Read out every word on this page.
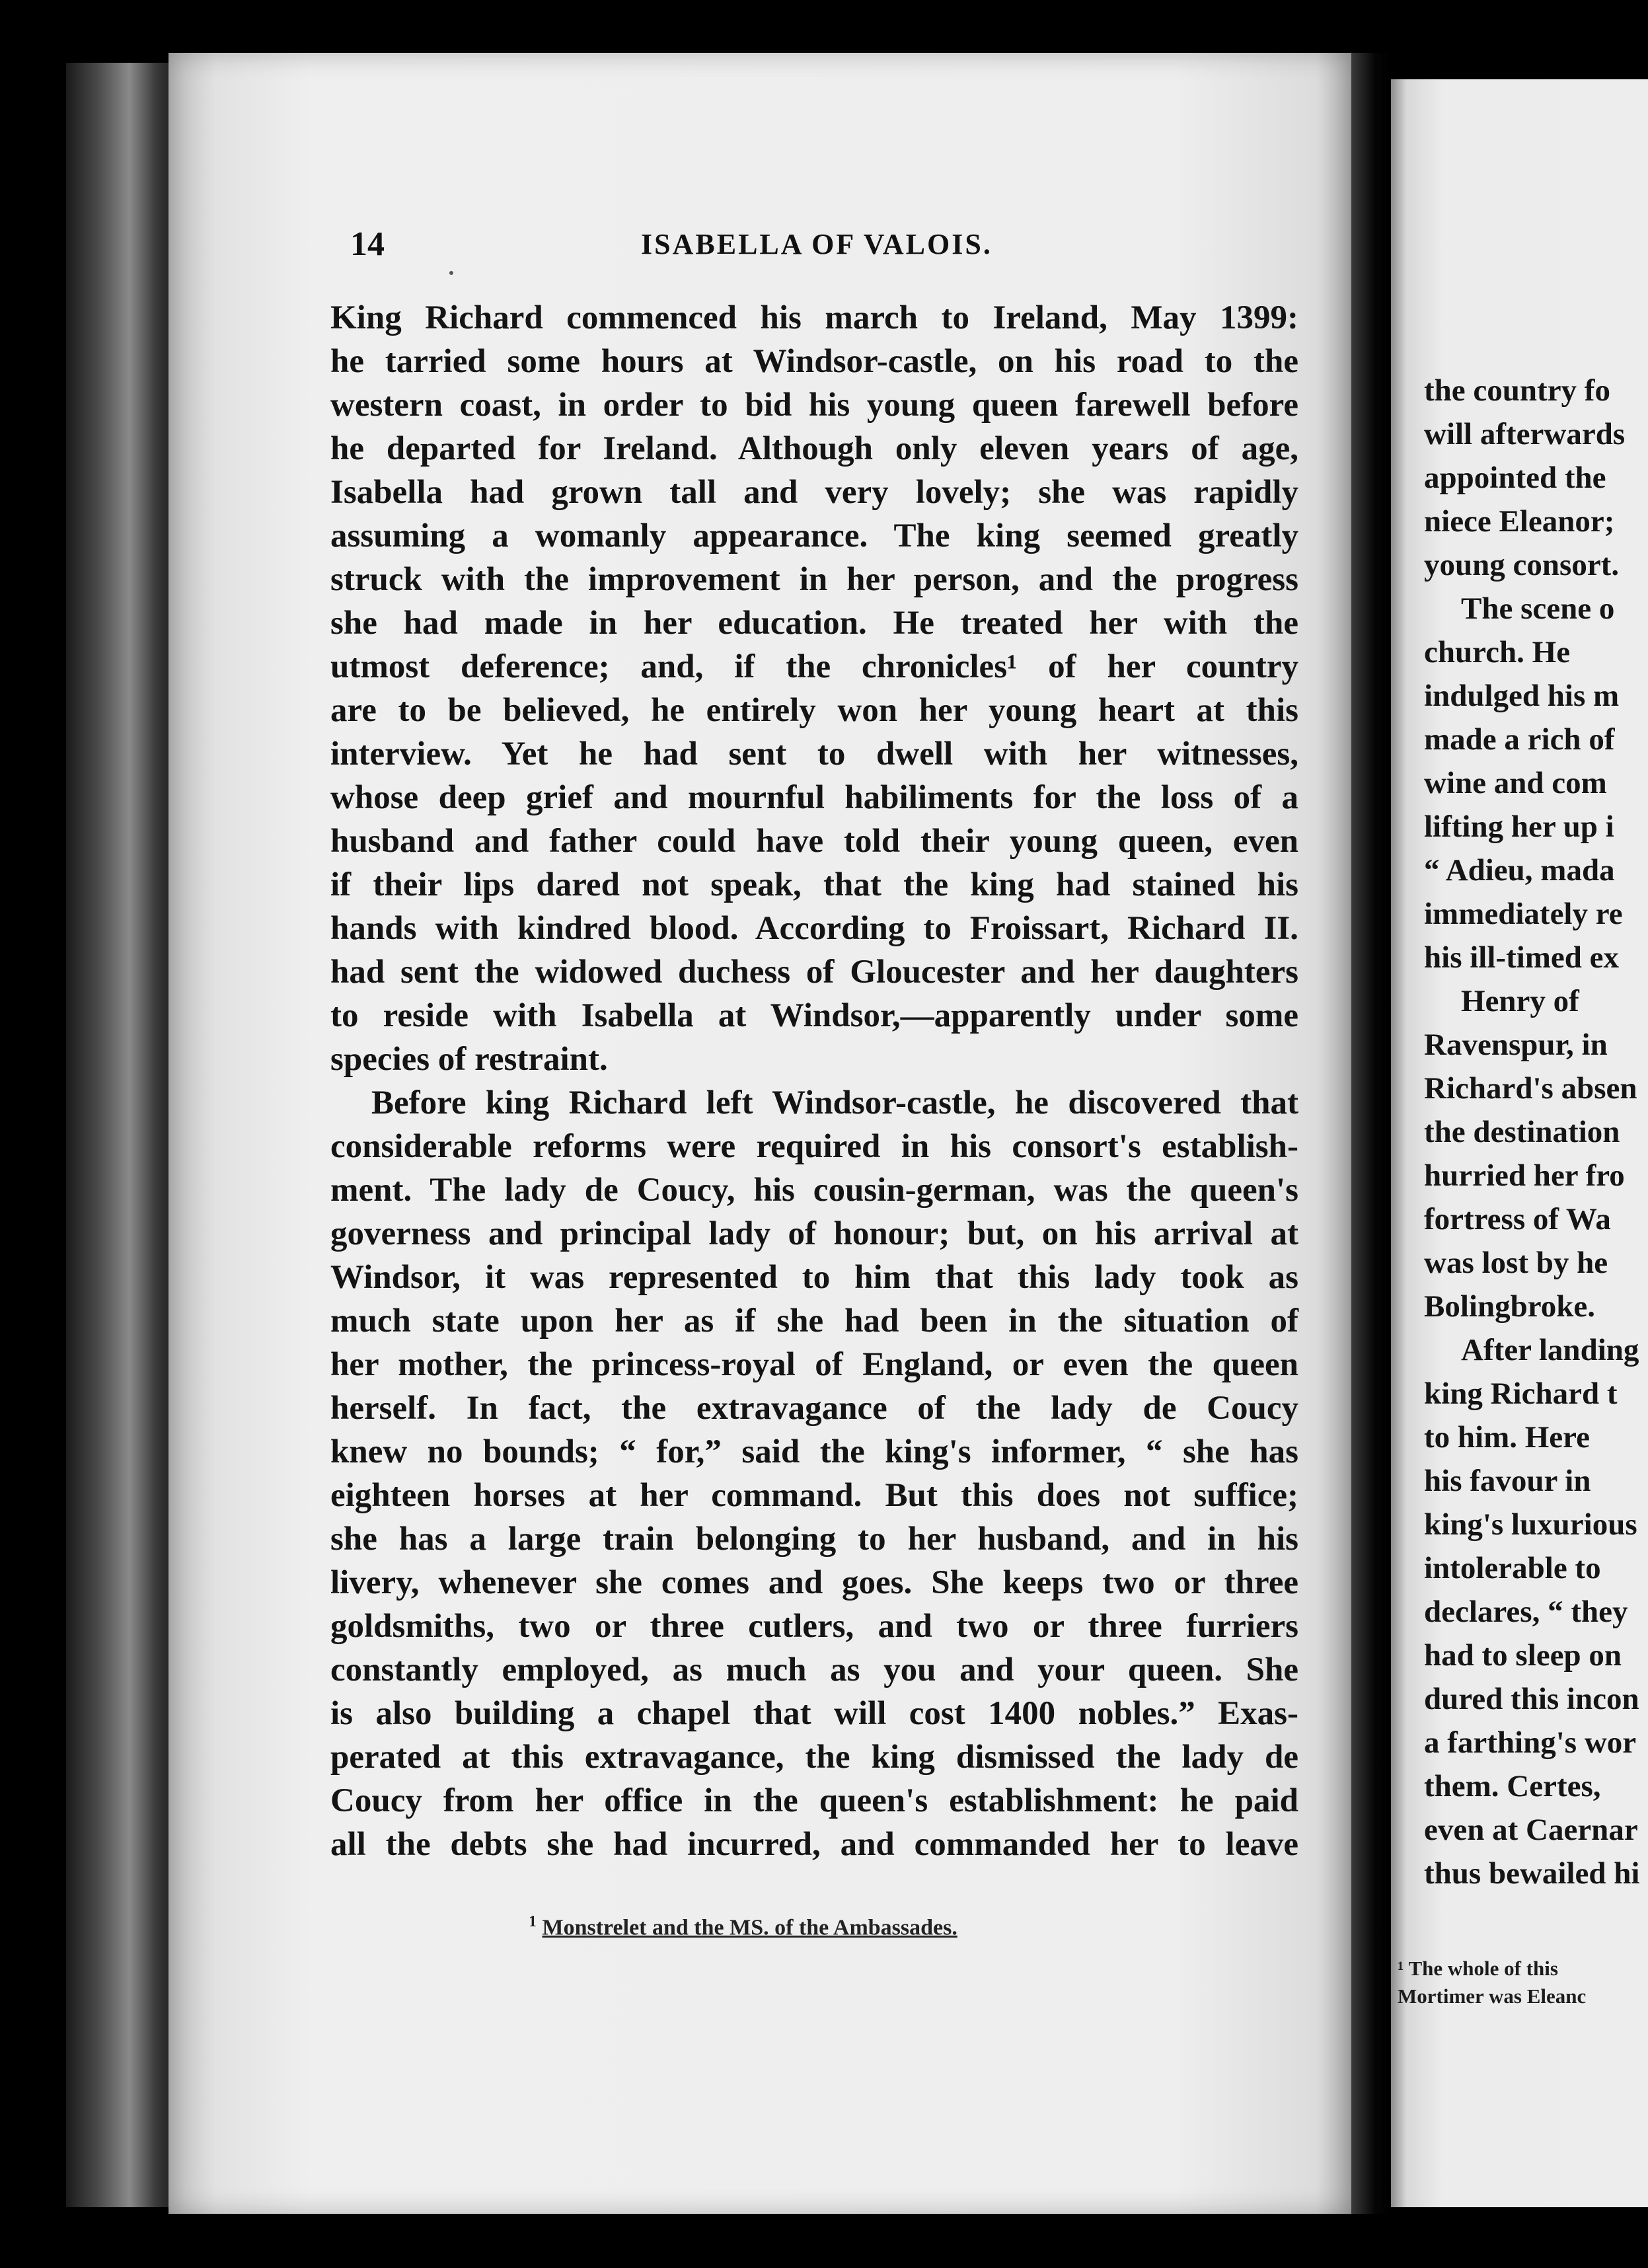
14	ISABELLA OF VALOIS.
King Richard commenced his march to Ireland, May 1399:
he tarried some hours at Windsor-castle, on his road to the
western coast, in order to bid his young queen farewell before
he departed for Ireland. Although only eleven years of age,
Isabella had grown tall and very lovely; she was rapidly
assuming a womanly appearance. The king seemed greatly
struck with the improvement in her person, and the progress
she had made in her education. He treated her with the
utmost deference; and, if the chronicles¹ of her country
are to be believed, he entirely won her young heart at this
interview. Yet he had sent to dwell with her witnesses,
whose deep grief and mournful habiliments for the loss of a
husband and father could have told their young queen, even
if their lips dared not speak, that the king had stained his
hands with kindred blood. According to Froissart, Richard II.
had sent the widowed duchess of Gloucester and her daughters
to reside with Isabella at Windsor,—apparently under some
species of restraint.
Before king Richard left Windsor-castle, he discovered that
considerable reforms were required in his consort's establish-
ment. The lady de Coucy, his cousin-german, was the queen's
governess and principal lady of honour; but, on his arrival at
Windsor, it was represented to him that this lady took as
much state upon her as if she had been in the situation of
her mother, the princess-royal of England, or even the queen
herself. In fact, the extravagance of the lady de Coucy
knew no bounds; “ for,” said the king's informer, “ she has
eighteen horses at her command. But this does not suffice;
she has a large train belonging to her husband, and in his
livery, whenever she comes and goes. She keeps two or three
goldsmiths, two or three cutlers, and two or three furriers
constantly employed, as much as you and your queen. She
is also building a chapel that will cost 1400 nobles.” Exas-
perated at this extravagance, the king dismissed the lady de
Coucy from her office in the queen's establishment: he paid
all the debts she had incurred, and commanded her to leave
$^1$ Monstrelet and the MS. of the Ambassades.
the country fo
will afterwards
appointed the
niece Eleanor;
young consort.
The scene o
church. He
indulged his m
made a rich of
wine and com
lifting her up i
“ Adieu, mada
immediately re
his ill-timed ex
Henry of
Ravenspur, in
Richard's absen
the destination
hurried her fro
fortress of Wa
was lost by he
Bolingbroke.
After landing
king Richard t
to him. Here
his favour in
king's luxurious
intolerable to
declares, “ they
had to sleep on
dured this incon
a farthing's wor
them. Certes,
even at Caernar
thus bewailed hi
¹ The whole of this
Mortimer was Eleanc
